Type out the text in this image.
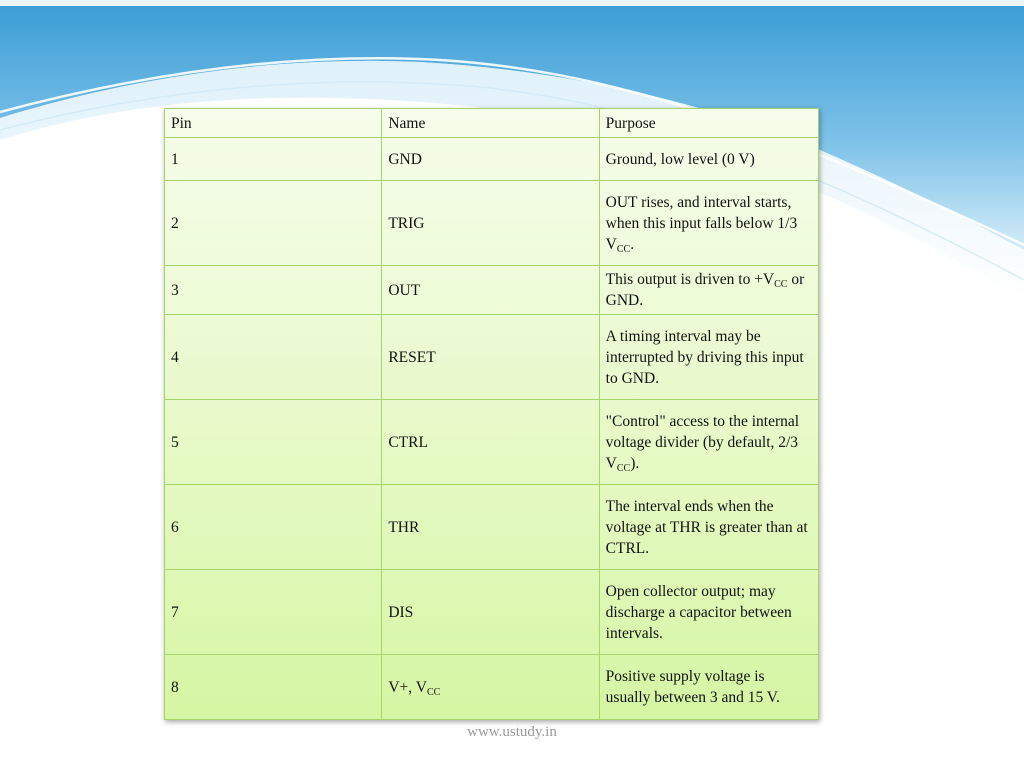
Pin	Name	Purpose
1	GND	Ground, low level (0 V)
2	TRIG	OUT rises, and interval starts, when this input falls below 1/3 $V_{CC}$.
3	OUT	This output is driven to $+V_{CC}$ or GND.
4	RESET	A timing interval may be interrupted by driving this input to GND.
5	CTRL	"Control" access to the internal voltage divider (by default, 2/3 $V_{CC}$).
6	THR	The interval ends when the voltage at THR is greater than at CTRL.
7	DIS	Open collector output; may discharge a capacitor between intervals.
8	V+, $V_{CC}$	Positive supply voltage is usually between 3 and 15 V.
www.ustudy.in
